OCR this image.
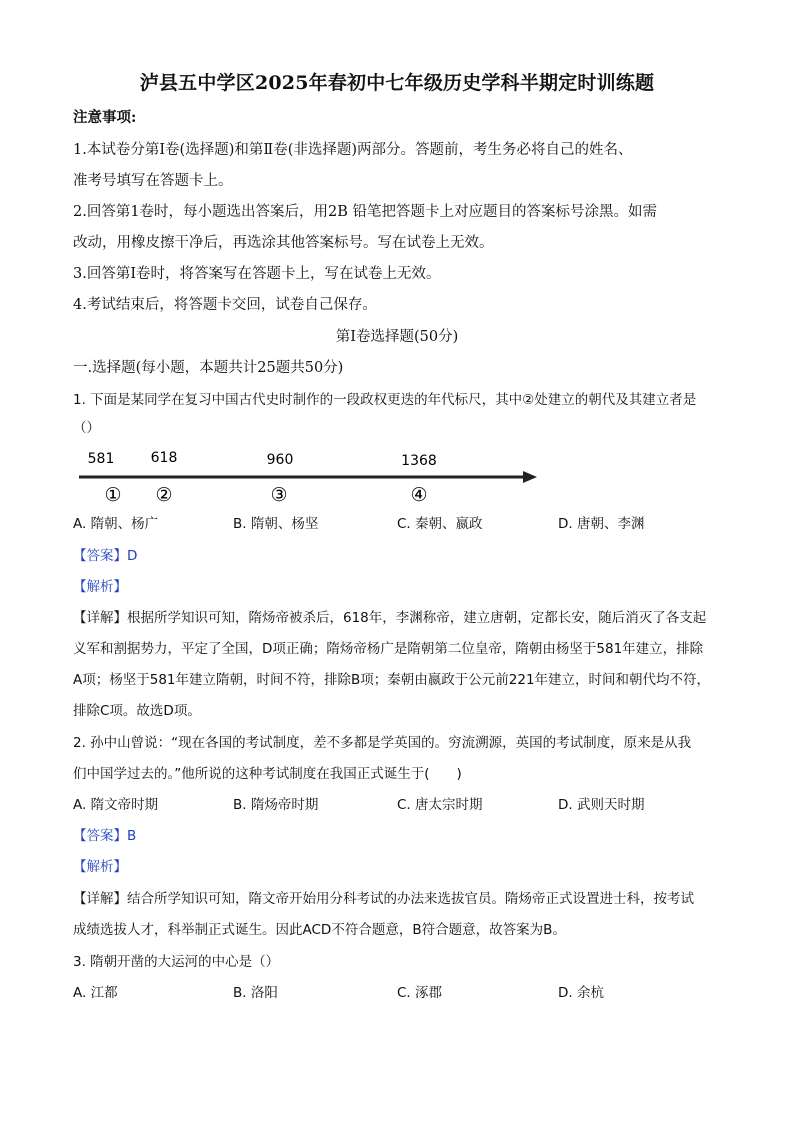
泸县五中学区2025年春初中七年级历史学科半期定时训练题
注意事项:
1.本试卷分第Ⅰ卷(选择题)和第Ⅱ卷(非选择题)两部分。答题前，考生务必将自己的姓名、
准考号填写在答题卡上。
2.回答第1卷时，每小题选出答案后，用2B 铅笔把答题卡上对应题目的答案标号涂黑。如需
改动，用橡皮擦干净后，再选涂其他答案标号。写在试卷上无效。
3.回答第Ⅰ卷时，将答案写在答题卡上，写在试卷上无效。
4.考试结束后，将答题卡交回，试卷自己保存。
第Ⅰ卷选择题(50分)
一.选择题(每小题，本题共计25题共50分)
1. 下面是某同学在复习中国古代史时制作的一段政权更迭的年代标尺，其中②处建立的朝代及其建立者是
（）
581	618	960	1368
① ②	③	④
A. 隋朝、杨广	B. 隋朝、杨坚	C. 秦朝、嬴政	D. 唐朝、李渊
【答案】D
【解析】
【详解】根据所学知识可知，隋炀帝被杀后，618年，李渊称帝，建立唐朝，定都长安，随后消灭了各支起
义军和割据势力，平定了全国，D项正确；隋炀帝杨广是隋朝第二位皇帝，隋朝由杨坚于581年建立，排除
A项；杨坚于581年建立隋朝，时间不符，排除B项；秦朝由嬴政于公元前221年建立，时间和朝代均不符，
排除C项。故选D项。
2. 孙中山曾说：“现在各国的考试制度，差不多都是学英国的。穷流溯源，英国的考试制度，原来是从我
们中国学过去的。”他所说的这种考试制度在我国正式诞生于(　　)
A. 隋文帝时期	B. 隋炀帝时期	C. 唐太宗时期	D. 武则天时期
【答案】B
【解析】
【详解】结合所学知识可知，隋文帝开始用分科考试的办法来选拔官员。隋炀帝正式设置进士科，按考试
成绩选拔人才，科举制正式诞生。因此ACD不符合题意，B符合题意，故答案为B。
3. 隋朝开凿的大运河的中心是（）
A. 江都	B. 洛阳	C. 涿郡	D. 余杭
